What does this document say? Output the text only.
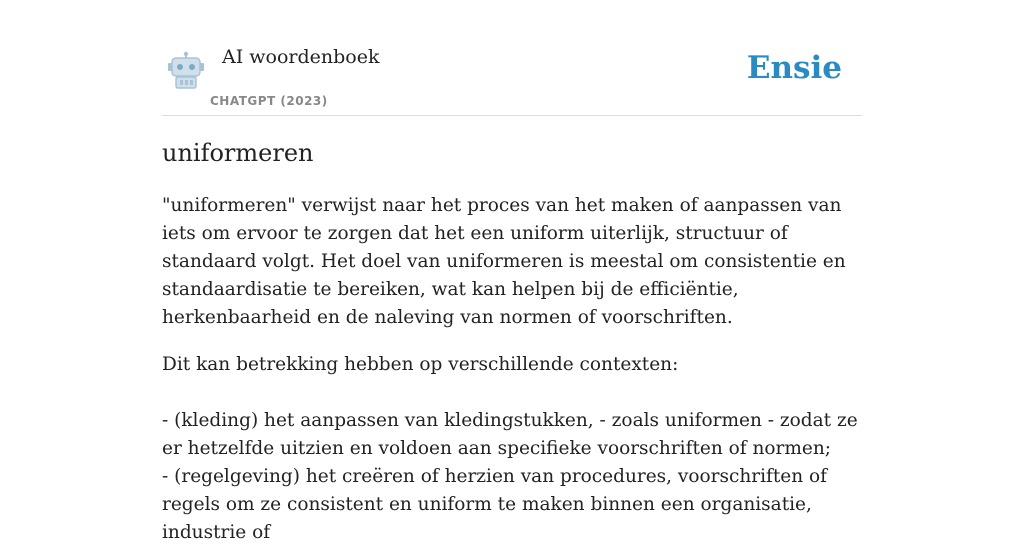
AI woordenboek
CHATGPT (2023)
Ensie
uniformeren

"uniformeren" verwijst naar het proces van het maken of aanpassen van iets om ervoor te zorgen dat het een uniform uiterlijk, structuur of standaard volgt. Het doel van uniformeren is meestal om consistentie en standaardisatie te bereiken, wat kan helpen bij de efficiëntie, herkenbaarheid en de naleving van normen of voorschriften.

Dit kan betrekking hebben op verschillende contexten:

- (kleding) het aanpassen van kledingstukken, - zoals uniformen - zodat ze er hetzelfde uitzien en voldoen aan specifieke voorschriften of normen;

- (regelgeving) het creëren of herzien van procedures, voorschriften of regels om ze consistent en uniform te maken binnen een organisatie, industrie of
